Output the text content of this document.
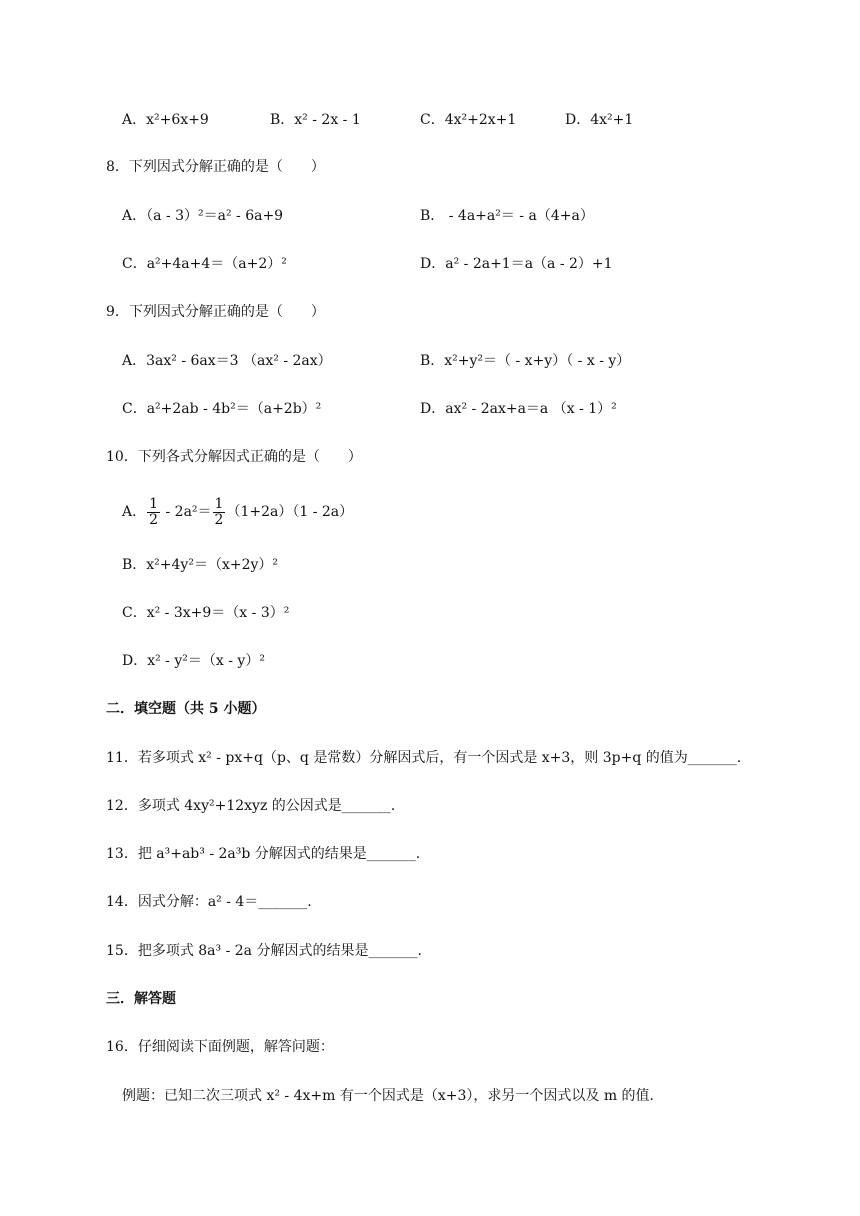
A．x²+6x+9	B．x² - 2x - 1	C．4x²+2x+1	D．4x²+1
8．下列因式分解正确的是（　　）
A．（a - 3）²＝a² - 6a+9	B． - 4a+a²＝ - a（4+a）
C．a²+4a+4＝（a+2）²	D．a² - 2a+1＝a（a - 2）+1
9．下列因式分解正确的是（　　）
A．3ax² - 6ax＝3 （ax² - 2ax）	B．x²+y²＝（ - x+y）（ - x - y）
C．a²+2ab - 4b²＝（a+2b）²	D．ax² - 2ax+a＝a （x - 1）²
10．下列各式分解因式正确的是（　　）
A． $\frac{1}{2} - 2a^2= \frac{1}{2} (1+2a)(1 - 2a)$
B．x²+4y²＝（x+2y）²
C．x² - 3x+9＝（x - 3）²
D．x² - y²＝（x - y）²
二．填空题（共 5 小题）
11．若多项式 x² - px+q（p、q 是常数）分解因式后，有一个因式是 x+3，则 3p+q 的值为_______.
12．多项式 4xy²+12xyz 的公因式是_______.
13．把 a³+ab³ - 2a³b 分解因式的结果是_______.
14．因式分解：a² - 4＝_______.
15．把多项式 8a³ - 2a 分解因式的结果是_______.
三．解答题
16．仔细阅读下面例题，解答问题：
例题：已知二次三项式 x² - 4x+m 有一个因式是（x+3），求另一个因式以及 m 的值.
